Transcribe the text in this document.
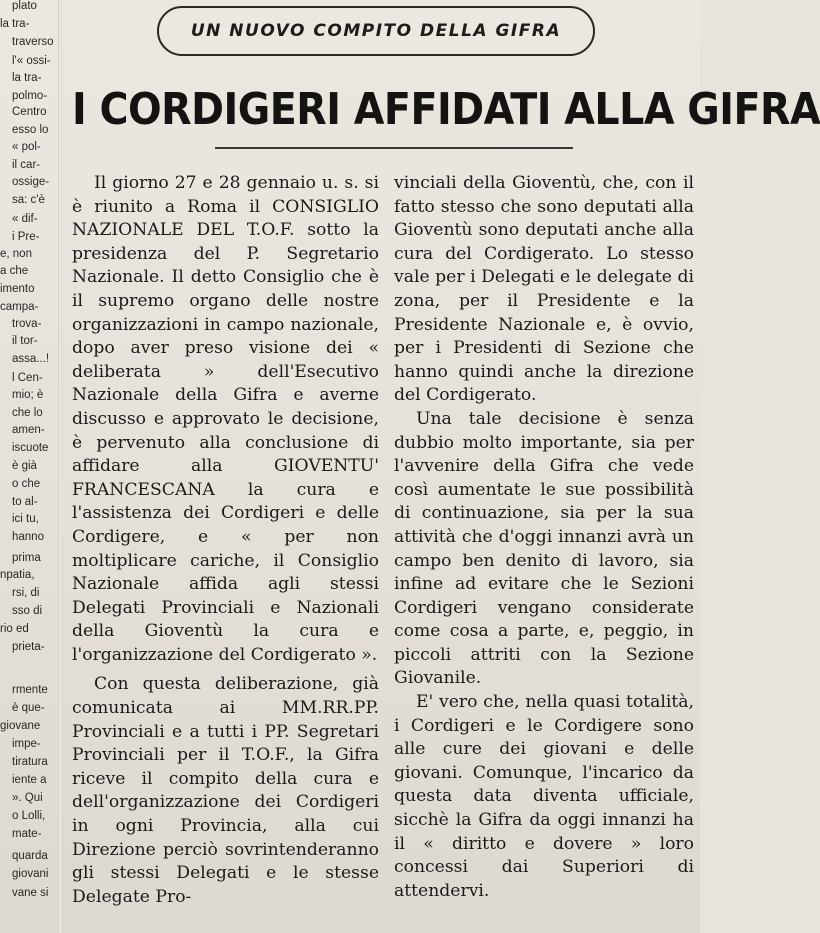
plato
la tra-
traverso
l'« ossi-
la tra-
polmo-
Centro
esso lo
« pol-
il car-
ossige-
sa: c'è
« dif-
i Pre-
e, non
a che
imento
campa-
trova-
il tor-
assa...!
l Cen-
mio; è
che lo
amen-
iscuote
è già
o che
to al-
ici tu,
hanno
prima
npatia,
rsi, di
sso di
rio ed
prieta-
rmente
è que-
giovane
impe-
tiratura
iente a
». Qui
o Lolli,
mate-
quarda
giovani
vane si
UN NUOVO COMPITO DELLA GIFRA
I CORDIGERI AFFIDATI ALLA GIFRA

Il giorno 27 e 28 gennaio u. s. si è riunito a Roma il CONSIGLIO NAZIONALE DEL T.O.F. sotto la presidenza del P. Segretario Nazionale. Il detto Consiglio che è il supremo organo delle nostre organizzazioni in campo nazionale, dopo aver preso visione dei « deliberata » dell'Esecutivo Nazionale della Gifra e averne discusso e approvato le decisione, è pervenuto alla conclusione di affidare alla GIOVENTU' FRANCESCANA la cura e l'assistenza dei Cordigeri e delle Cordigere, e « per non moltiplicare cariche, il Consiglio Nazionale affida agli stessi Delegati Provinciali e Nazionali della Gioventù la cura e l'organizzazione del Cordigerato ».

Con questa deliberazione, già comunicata ai MM.RR.PP. Provinciali e a tutti i PP. Segretari Provinciali per il T.O.F., la Gifra riceve il compito della cura e dell'organizzazione dei Cordigeri in ogni Provincia, alla cui Direzione perciò sovrintenderanno gli stessi Delegati e le stesse Delegate Pro-

vinciali della Gioventù, che, con il fatto stesso che sono deputati alla Gioventù sono deputati anche alla cura del Cordigerato. Lo stesso vale per i Delegati e le delegate di zona, per il Presidente e la Presidente Nazionale e, è ovvio, per i Presidenti di Sezione che hanno quindi anche la direzione del Cordigerato.

Una tale decisione è senza dubbio molto importante, sia per l'avvenire della Gifra che vede così aumentate le sue possibilità di continuazione, sia per la sua attività che d'oggi innanzi avrà un campo ben denito di lavoro, sia infine ad evitare che le Sezioni Cordigeri vengano considerate come cosa a parte, e, peggio, in piccoli attriti con la Sezione Giovanile.

E' vero che, nella quasi totalità, i Cordigeri e le Cordigere sono alle cure dei giovani e delle giovani. Comunque, l'incarico da questa data diventa ufficiale, sicchè la Gifra da oggi innanzi ha il « diritto e dovere » loro concessi dai Superiori di attendervi.
